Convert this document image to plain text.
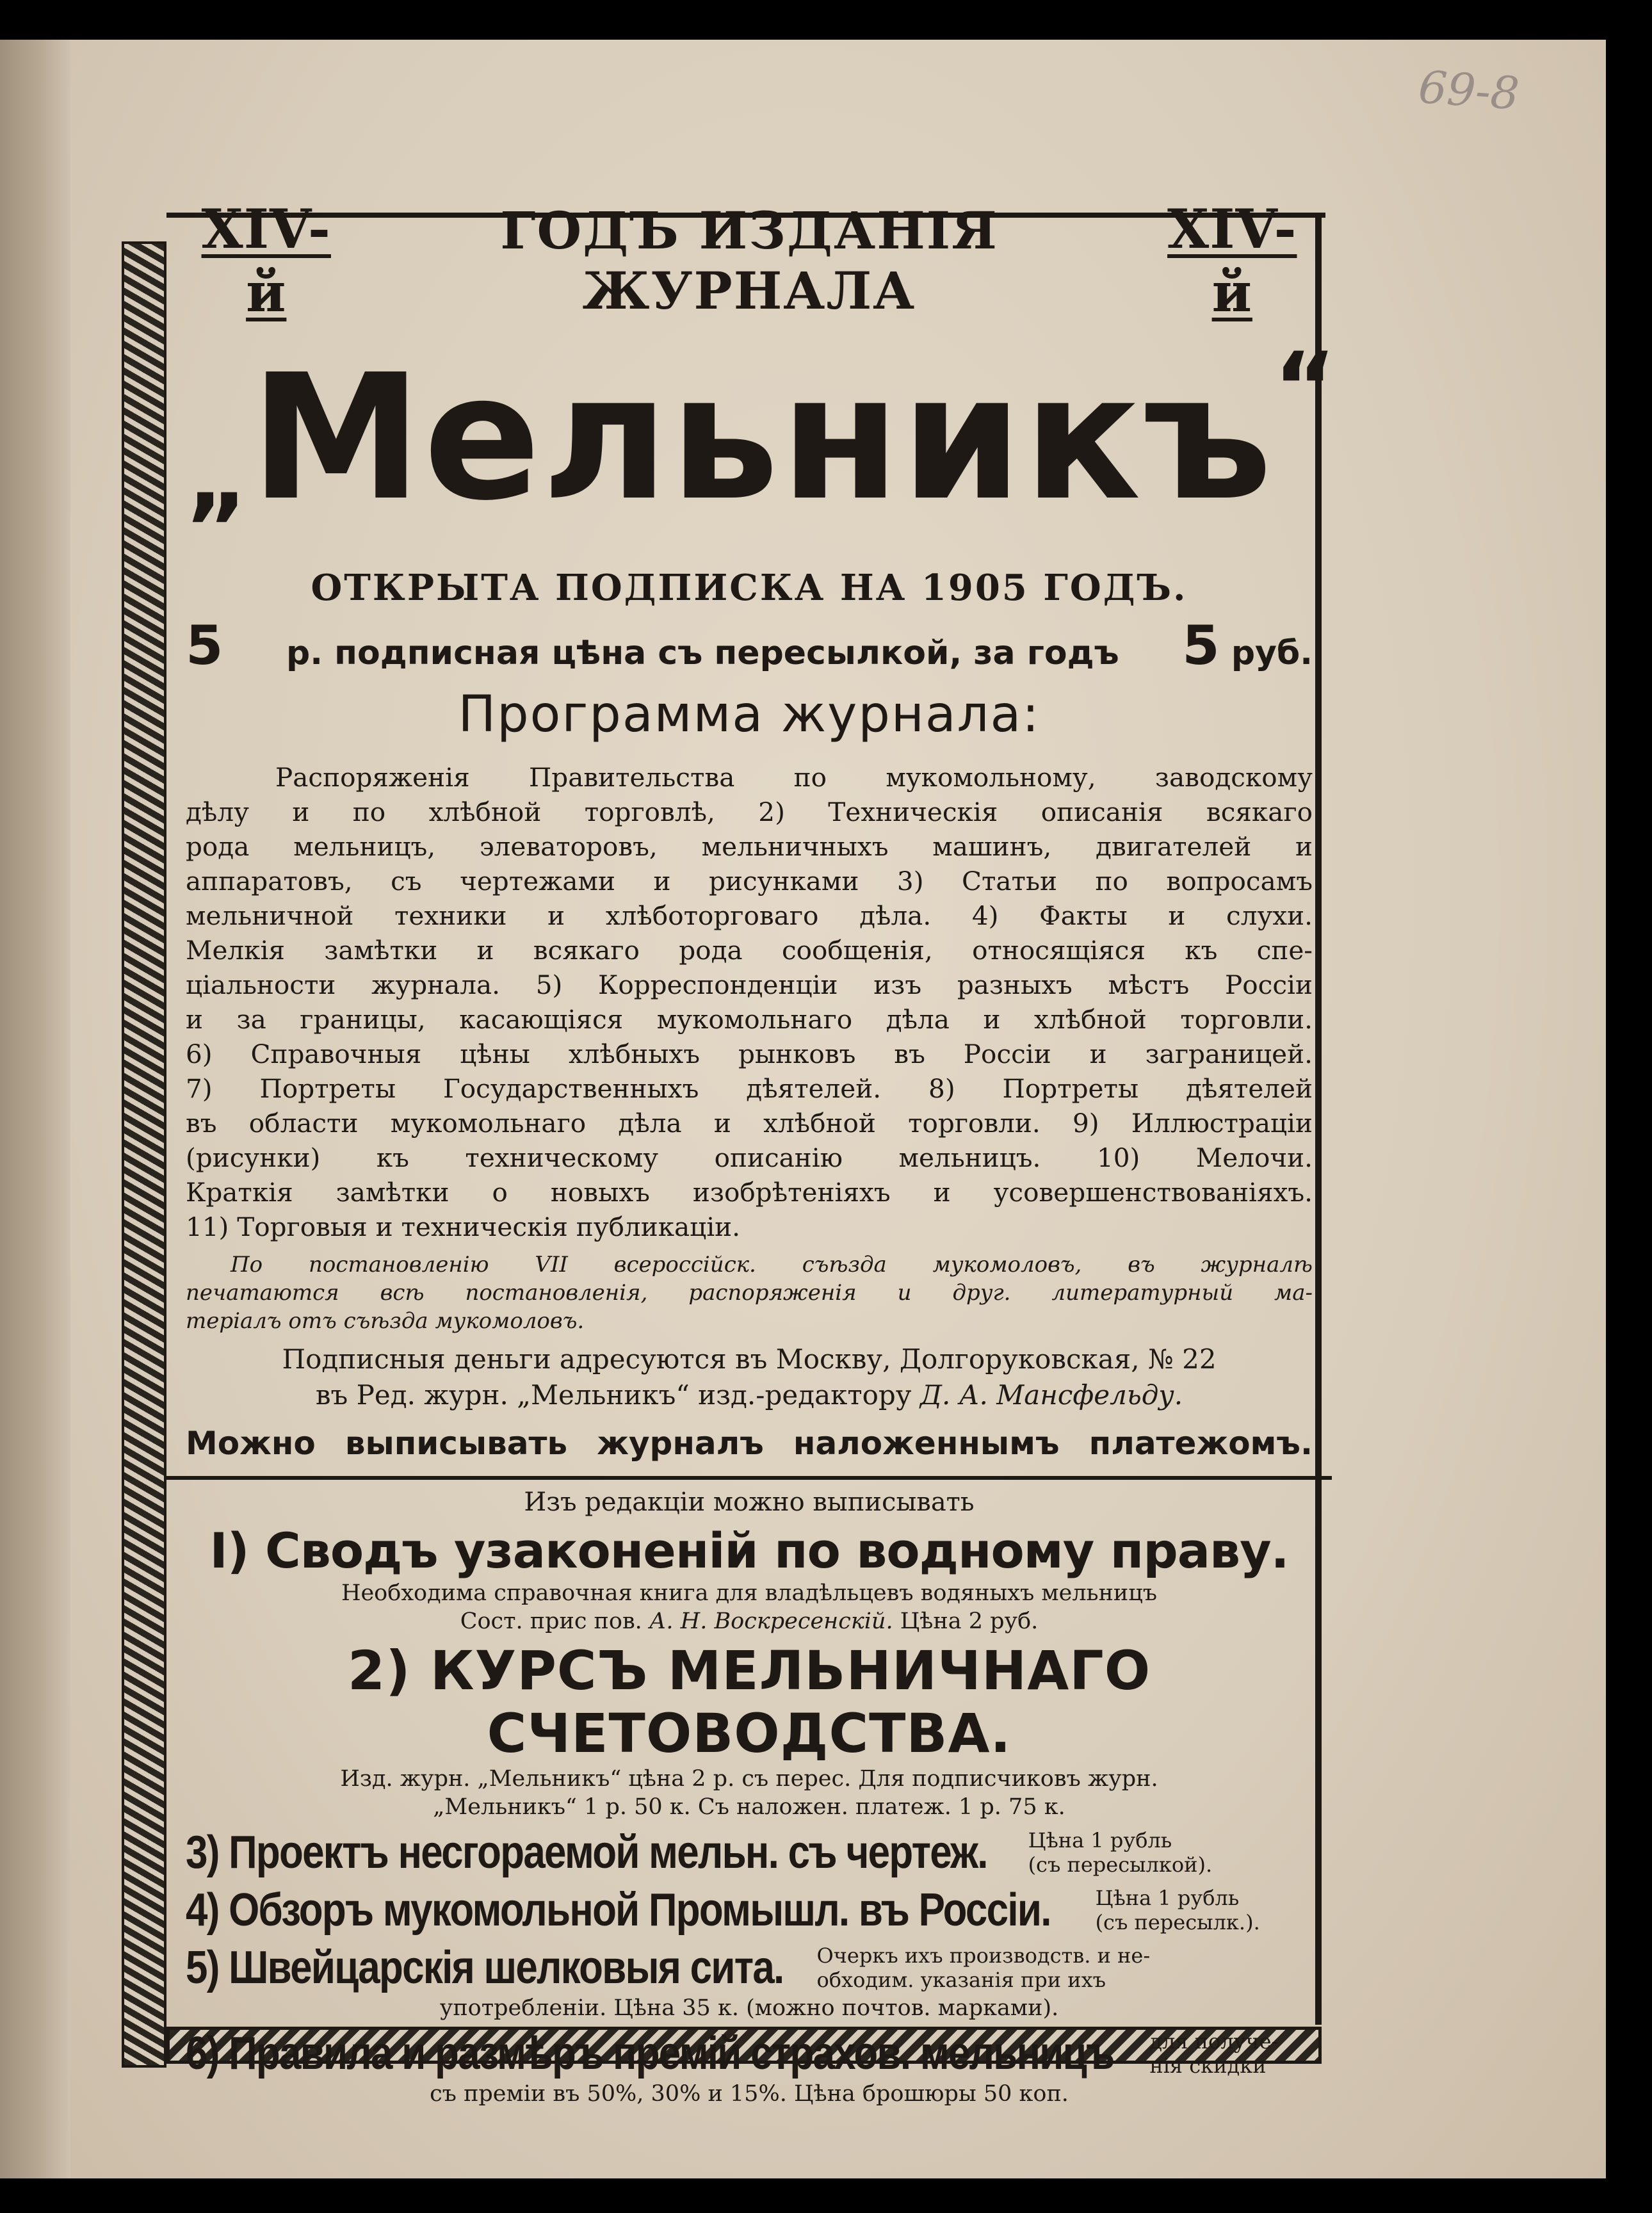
69-8
XIV-й
ГОДЪ ИЗДАНІЯ ЖУРНАЛА
XIV-й
„Мельникъ“
ОТКРЫТА ПОДПИСКА НА 1905 ГОДЪ.
5 р. подписная цѣна съ пересылкой, за годъ 5 руб.
Программа журнала:
Распоряженія Правительства по мукомольному, заводскому
дѣлу и по хлѣбной торговлѣ, 2) Техническія описанія всякаго
рода мельницъ, элеваторовъ, мельничныхъ машинъ, двигателей и
аппаратовъ, съ чертежами и рисунками 3) Статьи по вопросамъ
мельничной техники и хлѣботорговаго дѣла. 4) Факты и слухи.
Мелкія замѣтки и всякаго рода сообщенія, относящіяся къ спе-
ціальности журнала. 5) Корреспонденціи изъ разныхъ мѣстъ Россіи
и за границы, касающіяся мукомольнаго дѣла и хлѣбной торговли.
6) Справочныя цѣны хлѣбныхъ рынковъ въ Россіи и заграницей.
7) Портреты Государственныхъ дѣятелей. 8) Портреты дѣятелей
въ области мукомольнаго дѣла и хлѣбной торговли. 9) Иллюстраціи
(рисунки) къ техническому описанію мельницъ. 10) Мелочи.
Краткія замѣтки о новыхъ изобрѣтеніяхъ и усовершенствованіяхъ.
11) Торговыя и техническія публикаціи.
По постановленію VII всероссійск. съѣзда мукомоловъ, въ журналѣ
печатаются всѣ постановленія, распоряженія и друг. литературный ма-
теріалъ отъ съѣзда мукомоловъ.
Подписныя деньги адресуются въ Москву, Долгоруковская, № 22
въ Ред. журн. „Мельникъ“ изд.-редактору Д. А. Мансфельду.
Можно выписывать журналъ наложеннымъ платежомъ.
Изъ редакціи можно выписывать
I) Сводъ узаконеній по водному праву.
Необходима справочная книга для владѣльцевъ водяныхъ мельницъ
Сост. прис пов. А. Н. Воскресенскій. Цѣна 2 руб.
2) КУРСЪ МЕЛЬНИЧНАГО СЧЕТОВОДСТВА.
Изд. журн. „Мельникъ“ цѣна 2 р. съ перес. Для подписчиковъ журн.
„Мельникъ“ 1 р. 50 к. Съ наложен. платеж. 1 р. 75 к.
3) Проектъ несгораемой мельн. съ чертеж. Цѣна 1 рубль
(съ пересылкой).
4) Обзоръ мукомольной Промышл. въ Россіи. Цѣна 1 рубль
(съ пересылк.).
5) Швейцарскія шелковыя сита. Очеркъ ихъ производств. и не-
обходим. указанія при ихъ
употребленіи. Цѣна 35 к. (можно почтов. марками).
6) Правила и размѣръ премій страхов. мельницъ для получе-
нія скидки
съ преміи въ 50%, 30% и 15%. Цѣна брошюры 50 коп.
